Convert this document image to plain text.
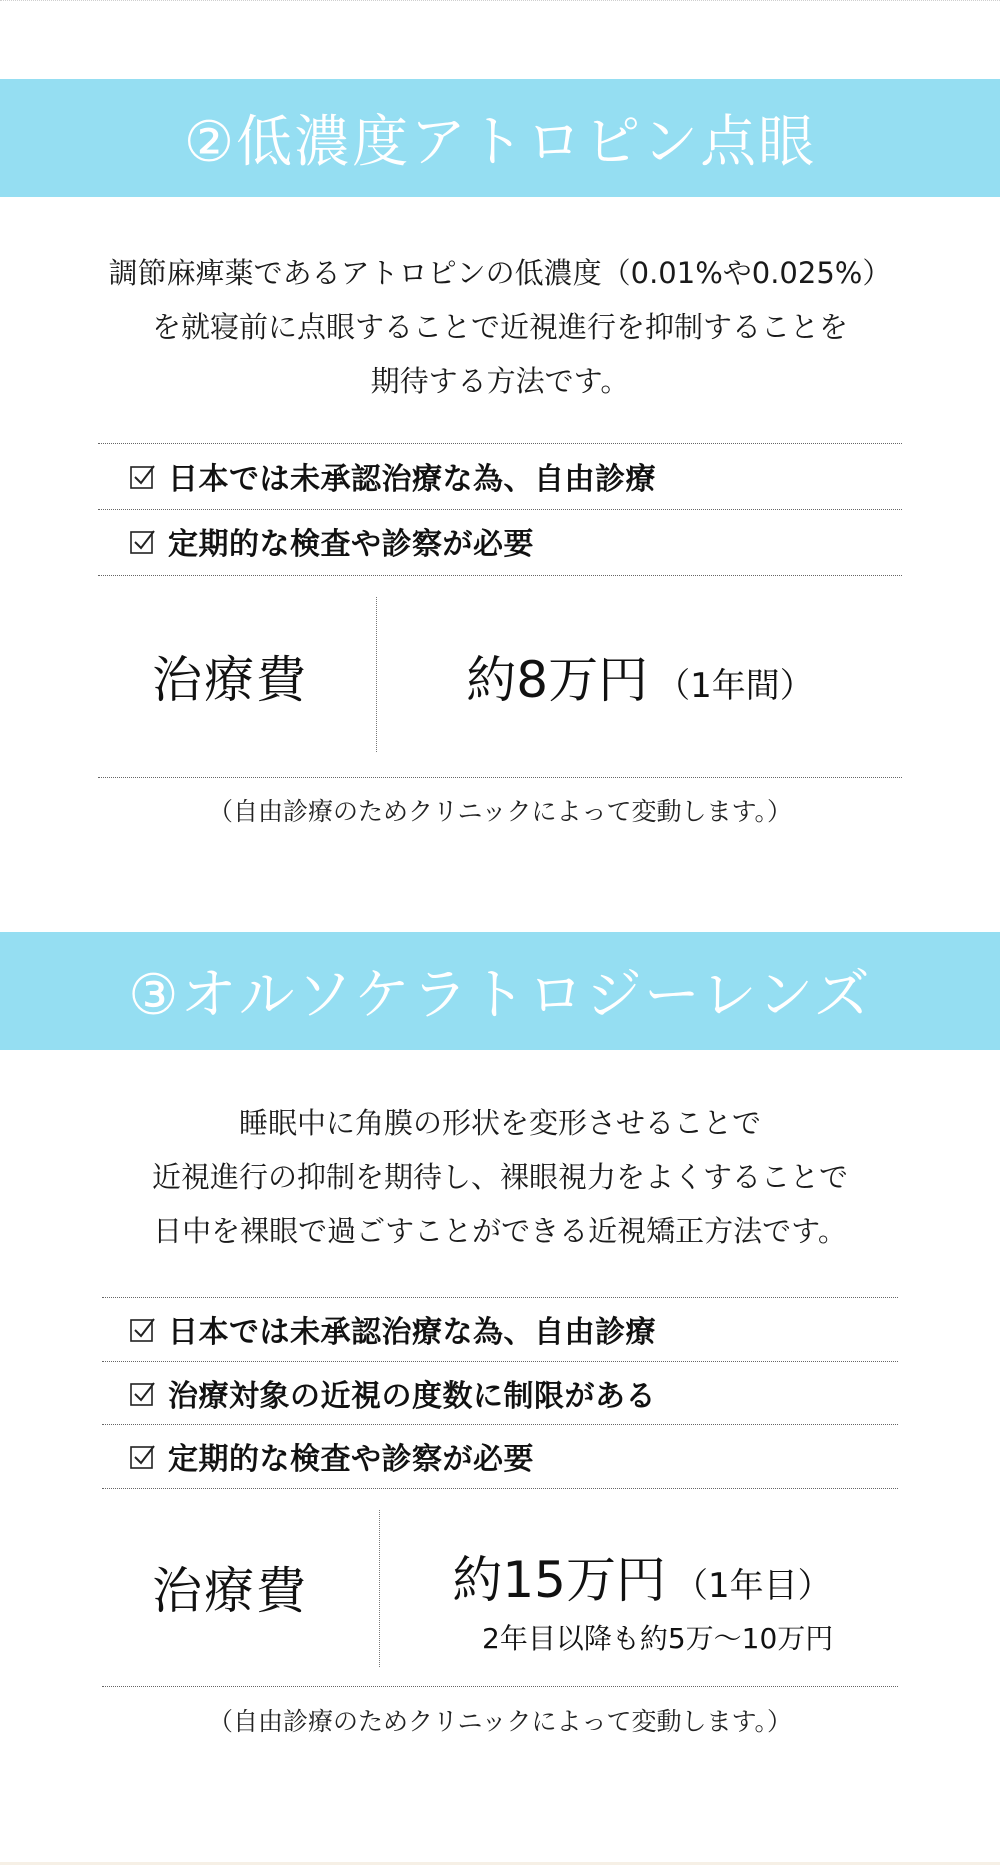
②低濃度アトロピン点眼
調節麻痺薬であるアトロピンの低濃度（0.01%や0.025%）
を就寝前に点眼することで近視進行を抑制することを
期待する方法です。
日本では未承認治療な為、自由診療
定期的な検査や診察が必要
治療費	約8万円 （1年間）
（自由診療のためクリニックによって変動します。）
③オルソケラトロジーレンズ
睡眠中に角膜の形状を変形させることで
近視進行の抑制を期待し、裸眼視力をよくすることで
日中を裸眼で過ごすことができる近視矯正方法です。
日本では未承認治療な為、自由診療
治療対象の近視の度数に制限がある
定期的な検査や診察が必要
治療費	約15万円 （1年目）
2年目以降も約5万〜10万円
（自由診療のためクリニックによって変動します。）
